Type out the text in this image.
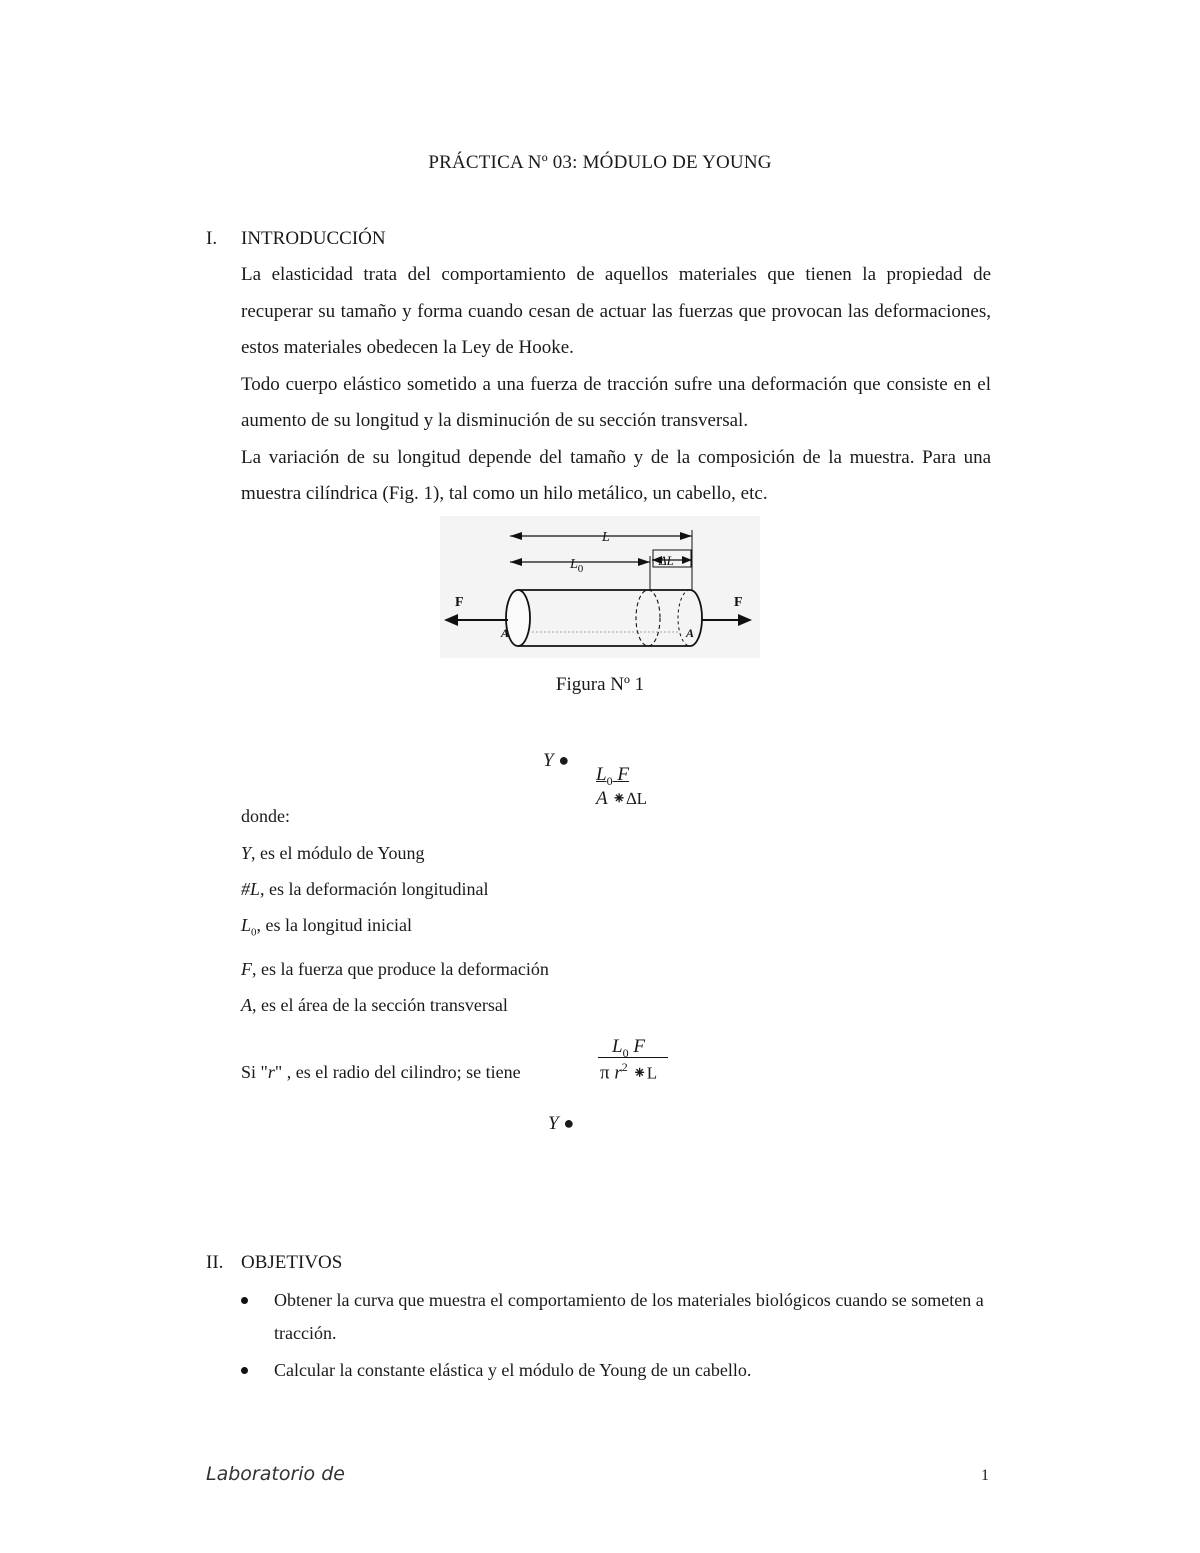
PRÁCTICA Nº 03: MÓDULO DE YOUNG
I. INTRODUCCIÓN

La elasticidad trata del comportamiento de aquellos materiales que tienen la propiedad de recuperar su tamaño y forma cuando cesan de actuar las fuerzas que provocan las deformaciones, estos materiales obedecen la Ley de Hooke.

Todo cuerpo elástico sometido a una fuerza de tracción sufre una deformación que consiste en el aumento de su longitud y la disminución de su sección transversal.

La variación de su longitud depende del tamaño y de la composición de la muestra. Para una muestra cilíndrica (Fig. 1), tal como un hilo metálico, un cabello, etc.

L
$L_0$
ΔL
A	A
F	F
Figura Nº 1
Y ●
$L_0$ F
A ⁕∆L
donde:
Y, es el módulo de Young
#L, es la deformación longitudinal
$L_0$, es la longitud inicial
F, es la fuerza que produce la deformación
A, es el área de la sección transversal
Si "r" , es el radio del cilindro; se tiene
$L_0$ F
π $r^2$ ⁕L
Y ●
II. OBJETIVOS
Obtener la curva que muestra el comportamiento de los materiales biológicos cuando se someten a tracción.
Calcular la constante elástica y el módulo de Young de un cabello.
Laboratorio de	1
